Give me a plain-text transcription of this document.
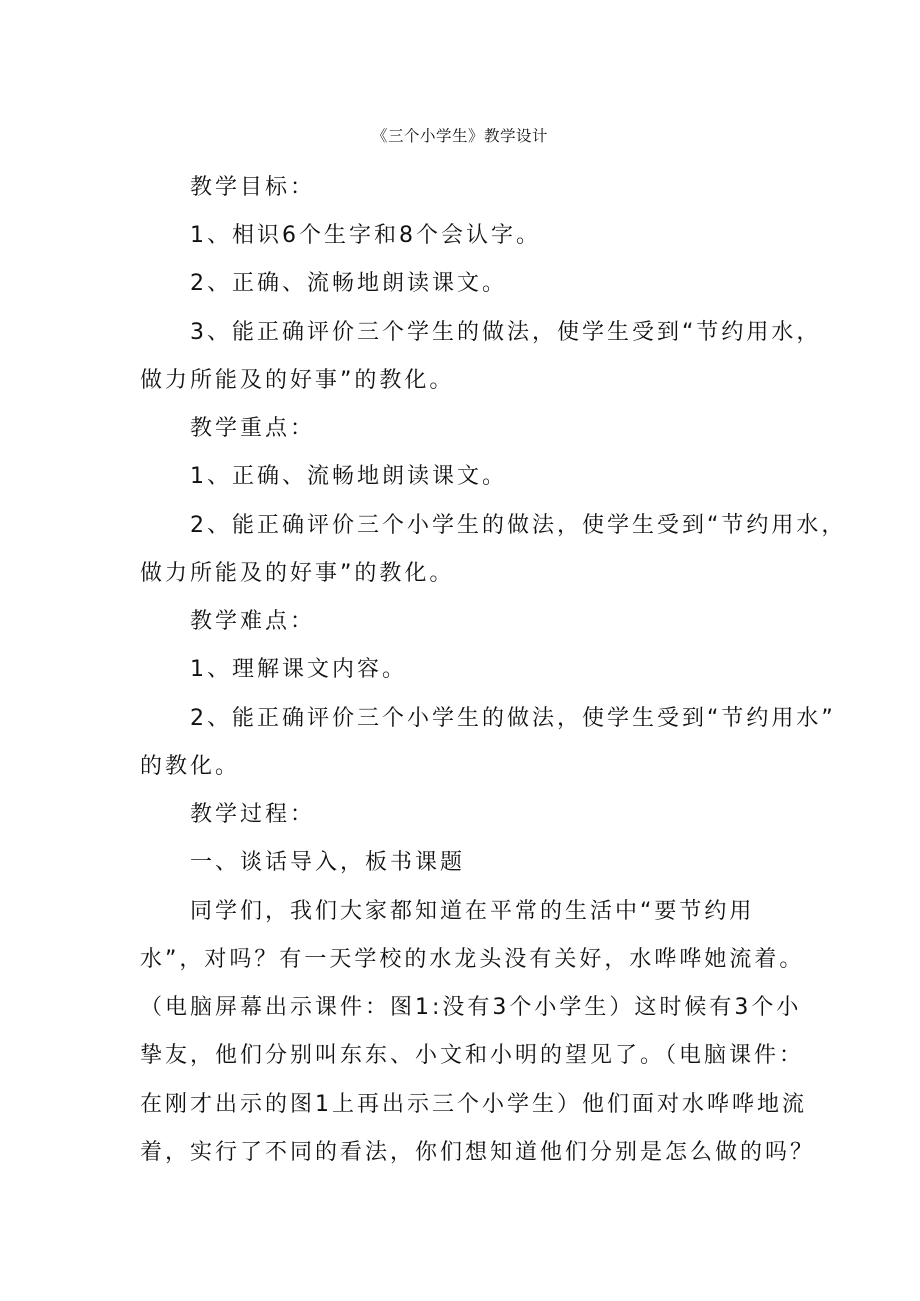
《三个小学生》教学设计
教学目标：
1、相识6个生字和8个会认字。
2、正确、流畅地朗读课文。
3、能正确评价三个学生的做法，使学生受到“节约用水，
做力所能及的好事”的教化。
教学重点：
1、正确、流畅地朗读课文。
2、能正确评价三个小学生的做法，使学生受到“节约用水，
做力所能及的好事”的教化。
教学难点：
1、理解课文内容。
2、能正确评价三个小学生的做法，使学生受到“节约用水”
的教化。
教学过程：
一、谈话导入，板书课题
同学们，我们大家都知道在平常的生活中“要节约用
水”，对吗？有一天学校的水龙头没有关好，水哗哗她流着。
（电脑屏幕出示课件：图1:没有3个小学生）这时候有3个小
挚友，他们分别叫东东、小文和小明的望见了。（电脑课件：
在刚才出示的图1上再出示三个小学生）他们面对水哗哗地流
着，实行了不同的看法，你们想知道他们分别是怎么做的吗？
